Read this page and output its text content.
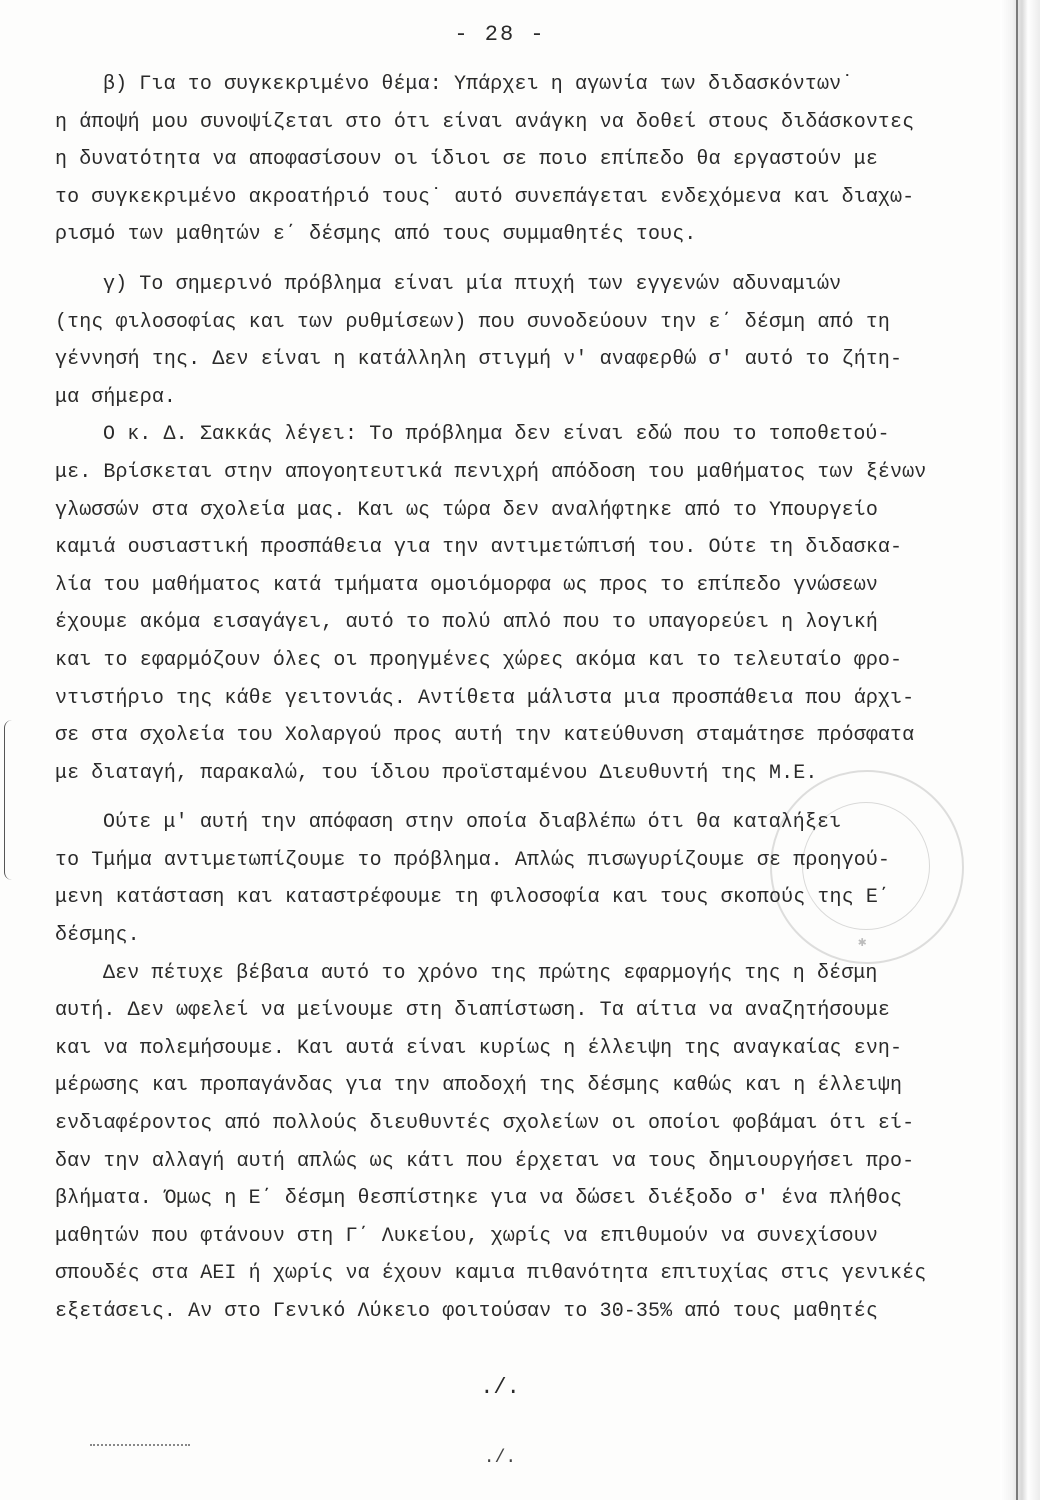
- 28 -
β) Για το συγκεκριμένο θέμα: Υπάρχει η αγωνία των διδασκόντων˙
η άποψή μου συνοψίζεται στο ότι είναι ανάγκη να δοθεί στους διδάσκοντες
η δυνατότητα να αποφασίσουν οι ίδιοι σε ποιο επίπεδο θα εργαστούν με
το συγκεκριμένο ακροατήριό τους˙ αυτό συνεπάγεται ενδεχόμενα και διαχω-
ρισμό των μαθητών ε΄ δέσμης από τους συμμαθητές τους.
γ) Το σημερινό πρόβλημα είναι μία πτυχή των εγγενών αδυναμιών
(της φιλοσοφίας και των ρυθμίσεων) που συνοδεύουν την ε΄ δέσμη από τη
γέννησή της. Δεν είναι η κατάλληλη στιγμή ν' αναφερθώ σ' αυτό το ζήτη-
μα σήμερα.
Ο κ. Δ. Σακκάς λέγει: Το πρόβλημα δεν είναι εδώ που το τοποθετού-
με. Βρίσκεται στην απογοητευτικά πενιχρή απόδοση του μαθήματος των ξένων
γλωσσών στα σχολεία μας. Και ως τώρα δεν αναλήφτηκε από το Υπουργείο
καμιά ουσιαστική προσπάθεια για την αντιμετώπισή του. Ούτε τη διδασκα-
λία του μαθήματος κατά τμήματα ομοιόμορφα ως προς το επίπεδο γνώσεων
έχουμε ακόμα εισαγάγει, αυτό το πολύ απλό που το υπαγορεύει η λογική
και το εφαρμόζουν όλες οι προηγμένες χώρες ακόμα και το τελευταίο φρο-
ντιστήριο της κάθε γειτονιάς. Αντίθετα μάλιστα μια προσπάθεια που άρχι-
σε στα σχολεία του Χολαργού προς αυτή την κατεύθυνση σταμάτησε πρόσφατα
με διαταγή, παρακαλώ, του ίδιου προϊσταμένου Διευθυντή της Μ.Ε.
Ούτε μ' αυτή την απόφαση στην οποία διαβλέπω ότι θα καταλήξει
το Τμήμα αντιμετωπίζουμε το πρόβλημα. Απλώς πισωγυρίζουμε σε προηγού-
μενη κατάσταση και καταστρέφουμε τη φιλοσοφία και τους σκοπούς της Ε΄
δέσμης.
Δεν πέτυχε βέβαια αυτό το χρόνο της πρώτης εφαρμογής της η δέσμη
αυτή. Δεν ωφελεί να μείνουμε στη διαπίστωση. Τα αίτια να αναζητήσουμε
και να πολεμήσουμε. Και αυτά είναι κυρίως η έλλειψη της αναγκαίας ενη-
μέρωσης και προπαγάνδας για την αποδοχή της δέσμης καθώς και η έλλειψη
ενδιαφέροντος από πολλούς διευθυντές σχολείων οι οποίοι φοβάμαι ότι εί-
δαν την αλλαγή αυτή απλώς ως κάτι που έρχεται να τους δημιουργήσει προ-
βλήματα. Όμως η Ε΄ δέσμη θεσπίστηκε για να δώσει διέξοδο σ' ένα πλήθος
μαθητών που φτάνουν στη Γ΄ Λυκείου, χωρίς να επιθυμούν να συνεχίσουν
σπουδές στα ΑΕΙ ή χωρίς να έχουν καμια πιθανότητα επιτυχίας στις γενικές
εξετάσεις. Αν στο Γενικό Λύκειο φοιτούσαν το 30-35% από τους μαθητές
✱
./.
./.
